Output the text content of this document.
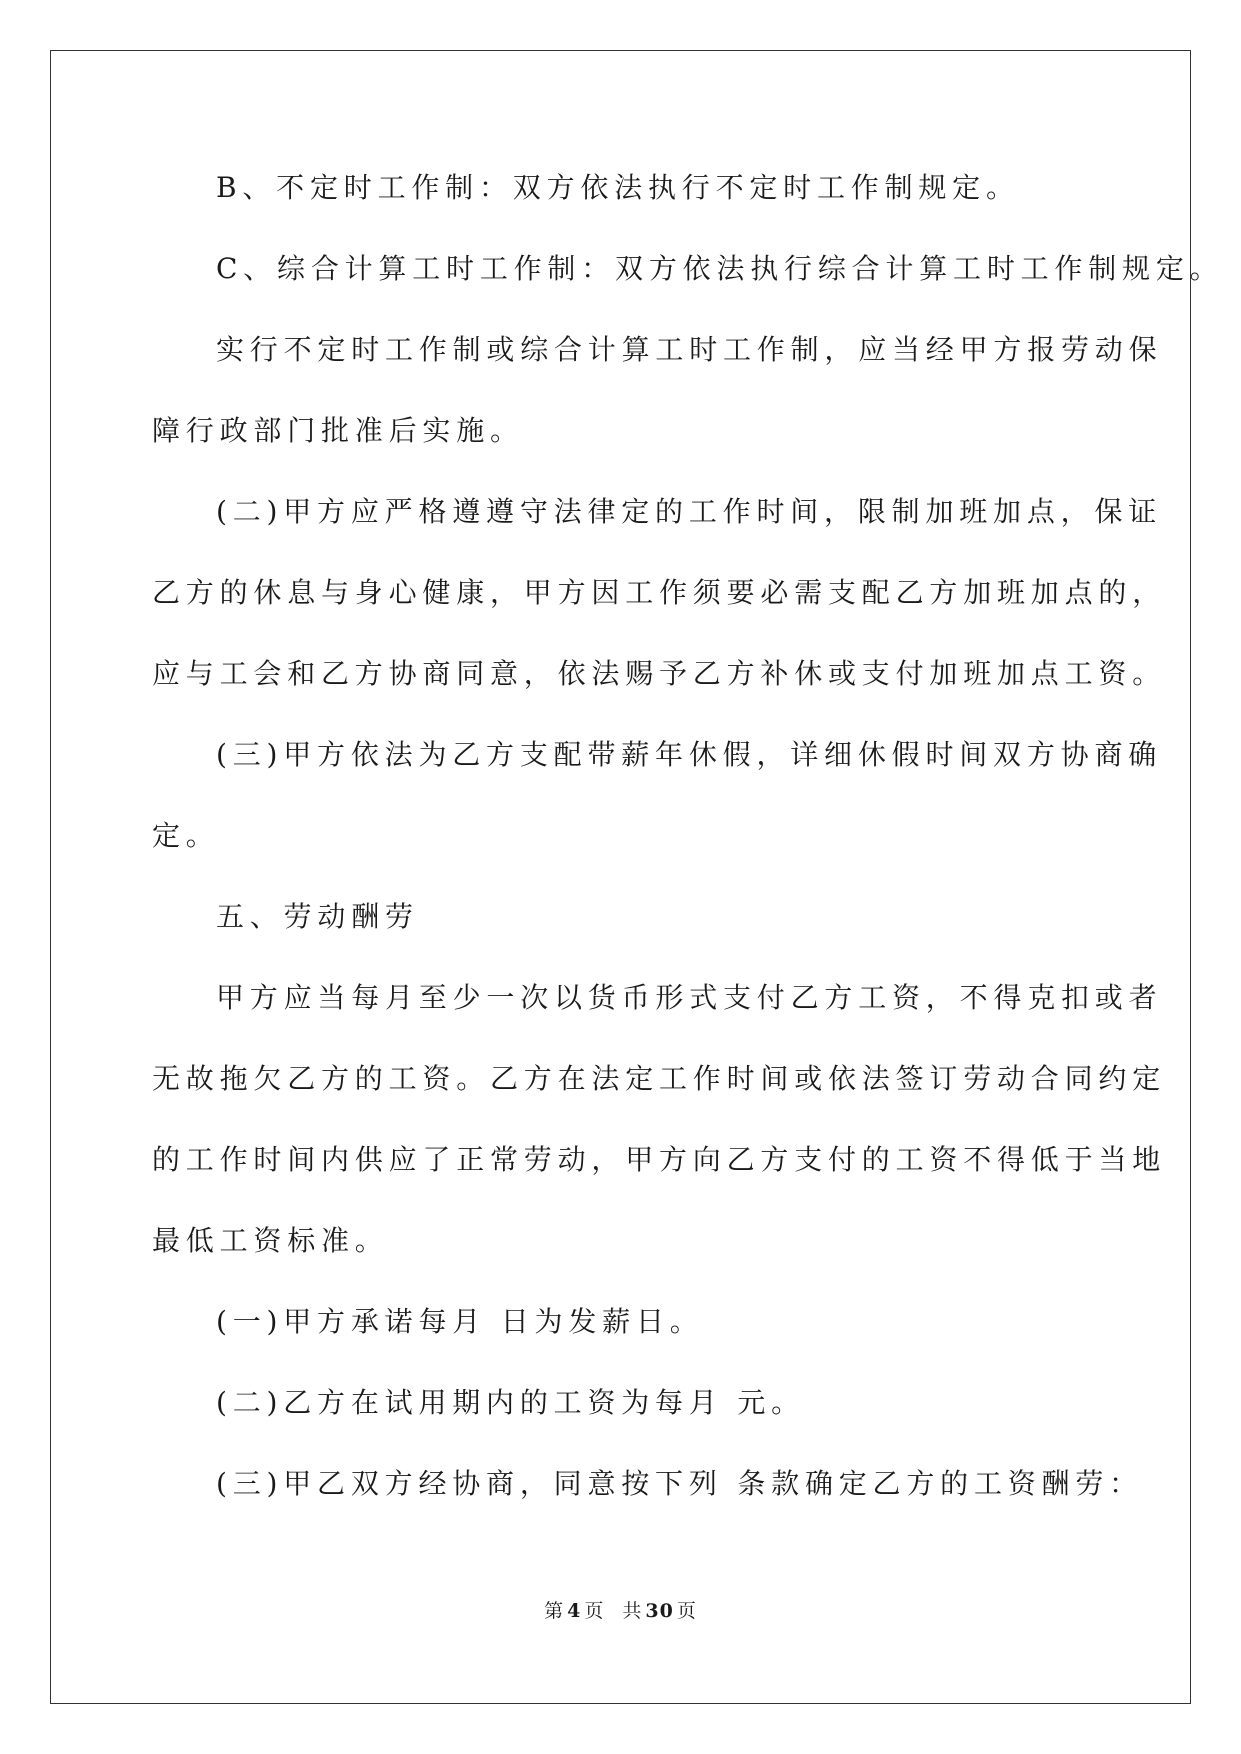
B、不定时工作制：双方依法执行不定时工作制规定。
C、综合计算工时工作制：双方依法执行综合计算工时工作制规定。
实行不定时工作制或综合计算工时工作制，应当经甲方报劳动保
障行政部门批准后实施。
(二)甲方应严格遵遵守法律定的工作时间，限制加班加点，保证
乙方的休息与身心健康，甲方因工作须要必需支配乙方加班加点的，
应与工会和乙方协商同意，依法赐予乙方补休或支付加班加点工资。
(三)甲方依法为乙方支配带薪年休假，详细休假时间双方协商确
定。
五、劳动酬劳
甲方应当每月至少一次以货币形式支付乙方工资，不得克扣或者
无故拖欠乙方的工资。乙方在法定工作时间或依法签订劳动合同约定
的工作时间内供应了正常劳动，甲方向乙方支付的工资不得低于当地
最低工资标准。
(一)甲方承诺每月 日为发薪日。
(二)乙方在试用期内的工资为每月 元。
(三)甲乙双方经协商，同意按下列 条款确定乙方的工资酬劳：
第 4 页 共 30 页
